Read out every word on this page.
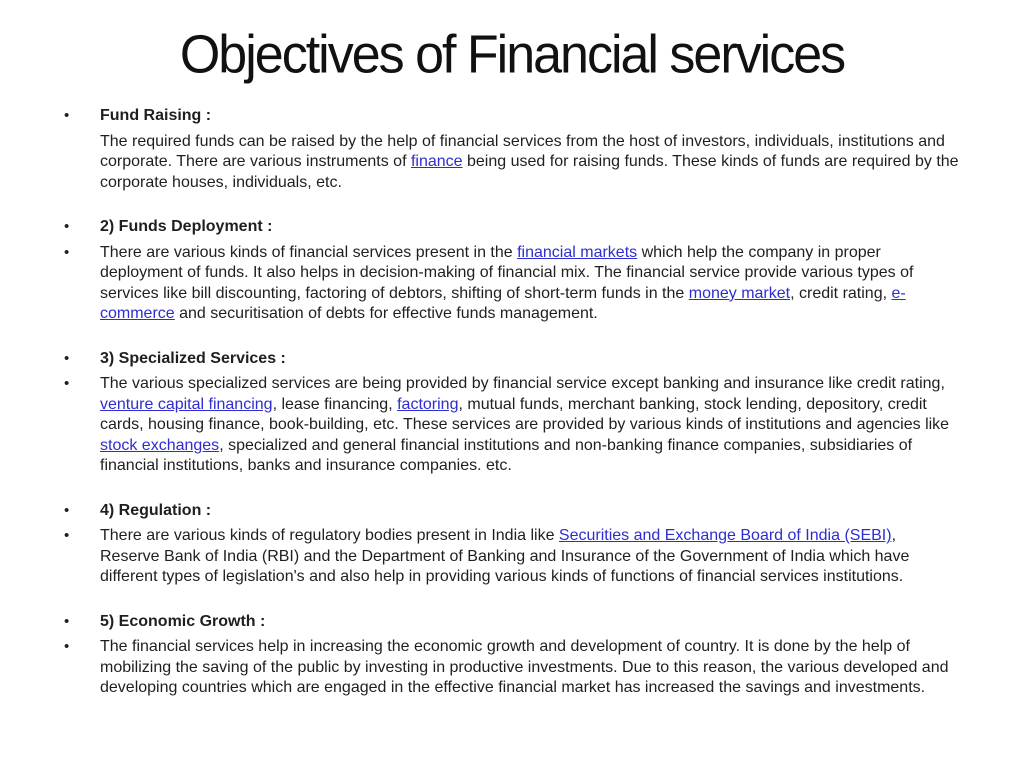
Objectives of Financial services
•	Fund Raising :
The required funds can be raised by the help of financial services from the host of investors, individuals, institutions and corporate. There are various instruments of finance being used for raising funds. These kinds of funds are required by the corporate houses, individuals, etc.
•	2) Funds Deployment :
•	There are various kinds of financial services present in the financial markets which help the company in proper deployment of funds. It also helps in decision-making of financial mix. The financial service provide various types of services like bill discounting, factoring of debtors, shifting of short-term funds in the money market, credit rating, e-commerce and securitisation of debts for effective funds management.
•	3) Specialized Services :
•	The various specialized services are being provided by financial service except banking and insurance like credit rating, venture capital financing, lease financing, factoring, mutual funds, merchant banking, stock lending, depository, credit cards, housing finance, book-building, etc. These services are provided by various kinds of institutions and agencies like stock exchanges, specialized and general financial institutions and non-banking finance companies, subsidiaries of financial institutions, banks and insurance companies. etc.
•	4) Regulation :
•	There are various kinds of regulatory bodies present in India like Securities and Exchange Board of India (SEBI), Reserve Bank of India (RBI) and the Department of Banking and Insurance of the Government of India which have different types of legislation's and also help in providing various kinds of functions of financial services institutions.
•	5) Economic Growth :
•	The financial services help in increasing the economic growth and development of country. It is done by the help of mobilizing the saving of the public by investing in productive investments. Due to this reason, the various developed and developing countries which are engaged in the effective financial market has increased the savings and investments.
